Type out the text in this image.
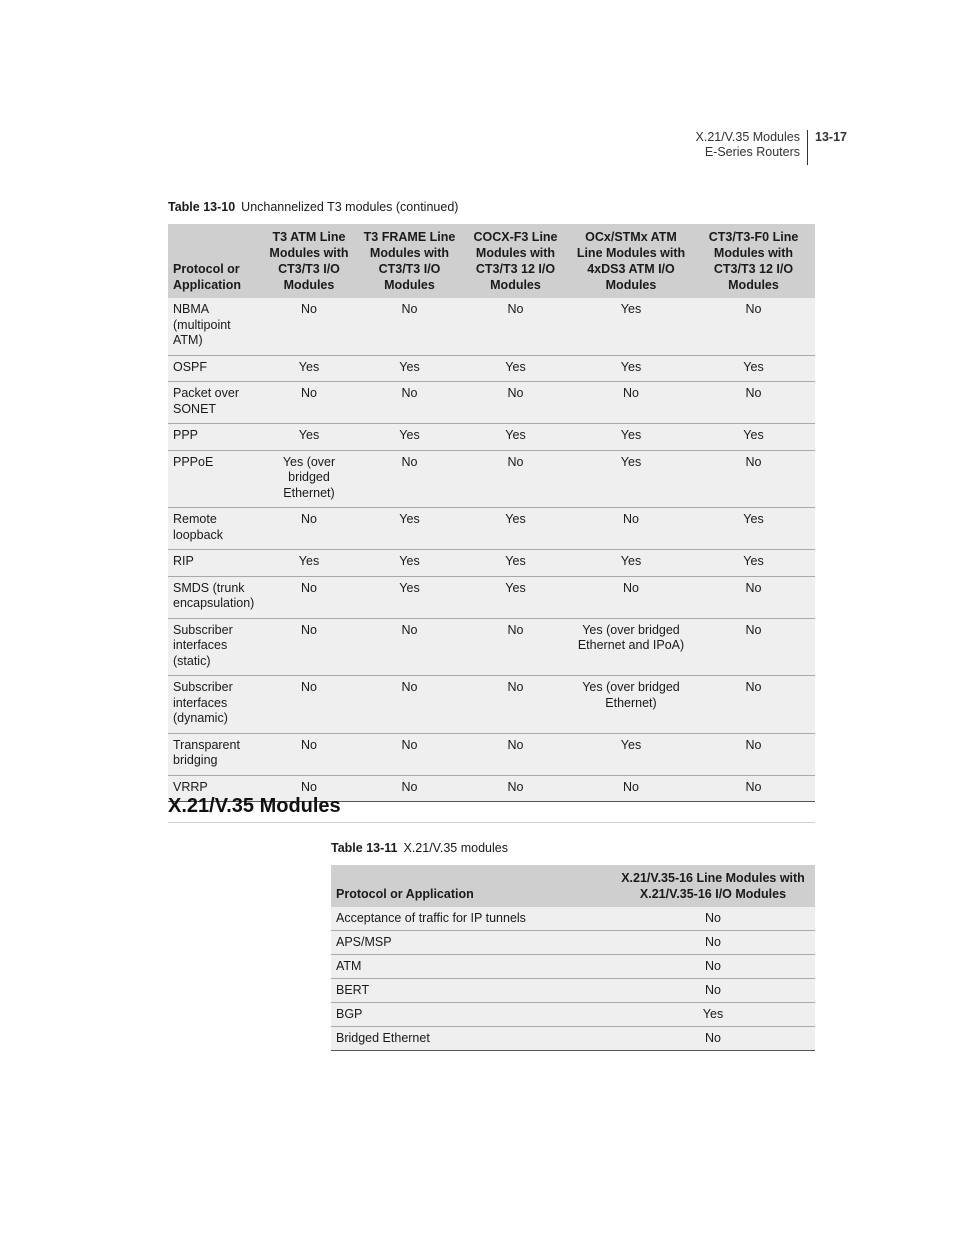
X.21/V.35 Modules
E-Series Routers
13-17
Table 13-10 Unchannelized T3 modules (continued)
Protocol or Application	T3 ATM Line Modules with CT3/T3 I/O Modules	T3 FRAME Line Modules with CT3/T3 I/O Modules	COCX-F3 Line Modules with CT3/T3 12 I/O Modules	OCx/STMx ATM Line Modules with 4xDS3 ATM I/O Modules	CT3/T3-F0 Line Modules with CT3/T3 12 I/O Modules
NBMA (multipoint ATM)	No	No	No	Yes	No
OSPF	Yes	Yes	Yes	Yes	Yes
Packet over SONET	No	No	No	No	No
PPP	Yes	Yes	Yes	Yes	Yes
PPPoE	Yes (over bridged Ethernet)	No	No	Yes	No
Remote loopback	No	Yes	Yes	No	Yes
RIP	Yes	Yes	Yes	Yes	Yes
SMDS (trunk encapsulation)	No	Yes	Yes	No	No
Subscriber interfaces (static)	No	No	No	Yes (over bridged Ethernet and IPoA)	No
Subscriber interfaces (dynamic)	No	No	No	Yes (over bridged Ethernet)	No
Transparent bridging	No	No	No	Yes	No
VRRP	No	No	No	No	No
X.21/V.35 Modules
Table 13-11 X.21/V.35 modules
Protocol or Application	X.21/V.35-16 Line Modules with X.21/V.35-16 I/O Modules
Acceptance of traffic for IP tunnels	No
APS/MSP	No
ATM	No
BERT	No
BGP	Yes
Bridged Ethernet	No
